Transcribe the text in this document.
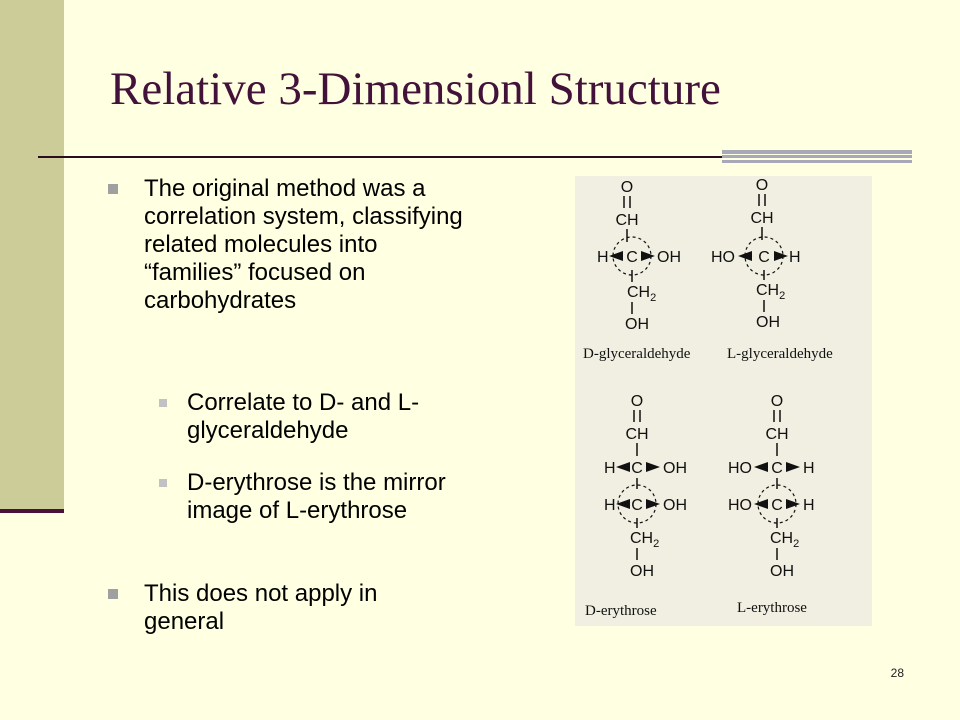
Relative 3-Dimensionl Structure
The original method was a correlation system, classifying related molecules into “families” focused on carbohydrates
Correlate to D- and L-glyceraldehyde
D-erythrose is the mirror image of L-erythrose
This does not apply in general
O
CH
H C OH
$CH_2$
OH
D-glyceraldehyde
O
CH
HO C H
$CH_2$
OH
L-glyceraldehyde
O
CH
H C OH
H C OH
$CH_2$
OH
D-erythrose
O
CH
HO C H
HO C H
$CH_2$
OH
L-erythrose
28
